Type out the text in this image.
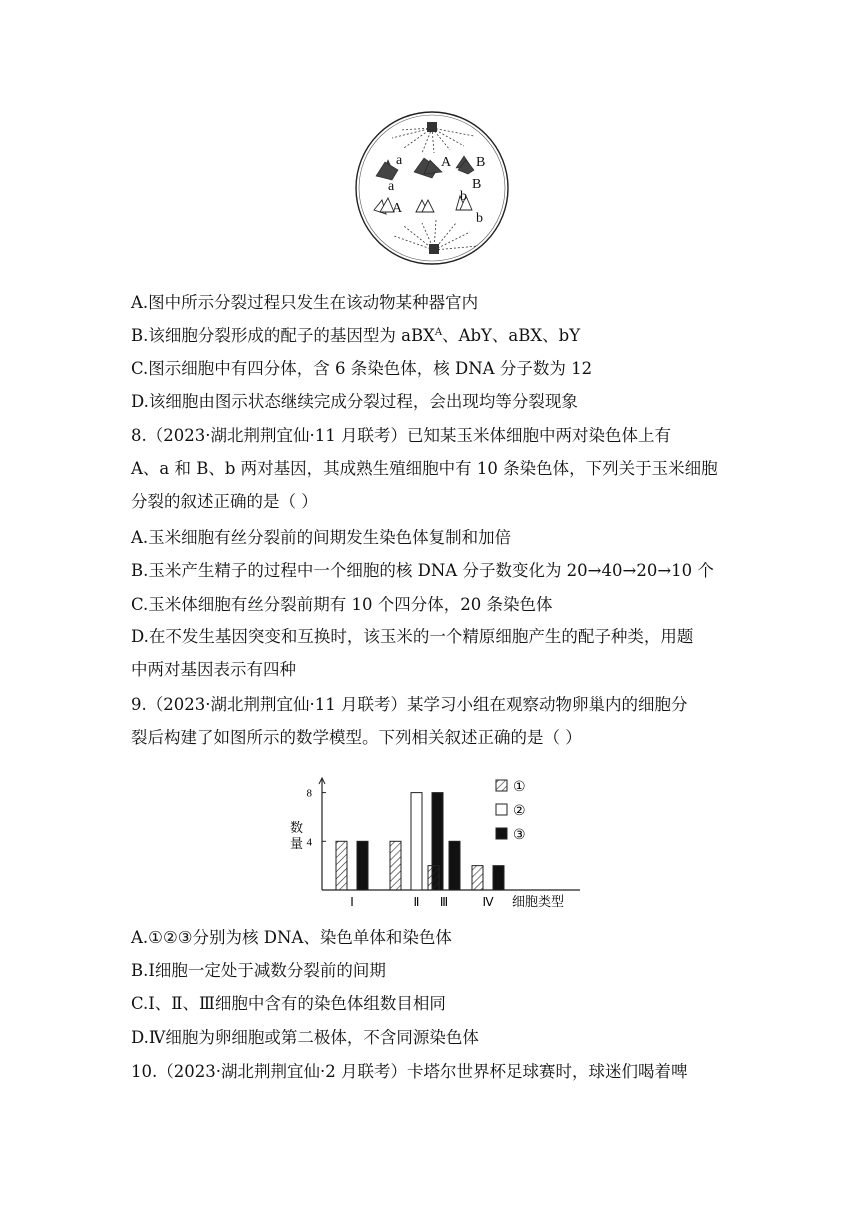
a	A B
a	B
A
b
b
A.图中所示分裂过程只发生在该动物某种器官内
B.该细胞分裂形成的配子的基因型为 aBX$^A$、AbY、aBX、bY
C.图示细胞中有四分体，含 6 条染色体，核 DNA 分子数为 12
D.该细胞由图示状态继续完成分裂过程，会出现均等分裂现象
8.（2023·湖北荆荆宜仙·11 月联考）已知某玉米体细胞中两对染色体上有
A、a 和 B、b 两对基因，其成熟生殖细胞中有 10 条染色体，下列关于玉米细胞
分裂的叙述正确的是（ ）
A.玉米细胞有丝分裂前的间期发生染色体复制和加倍
B.玉米产生精子的过程中一个细胞的核 DNA 分子数变化为 20→40→20→10 个
C.玉米体细胞有丝分裂前期有 10 个四分体，20 条染色体
D.在不发生基因突变和互换时，该玉米的一个精原细胞产生的配子种类，用题
中两对基因表示有四种
9.（2023·湖北荆荆宜仙·11 月联考）某学习小组在观察动物卵巢内的细胞分
裂后构建了如图所示的数学模型。下列相关叙述正确的是（ ）
4
8
数
量
细胞类型
Ⅰ	Ⅱ Ⅲ	Ⅳ
①
②
③
A.①②③分别为核 DNA、染色单体和染色体
B.Ⅰ细胞一定处于减数分裂前的间期
C.Ⅰ、Ⅱ、Ⅲ细胞中含有的染色体组数目相同
D.Ⅳ细胞为卵细胞或第二极体，不含同源染色体
10.（2023·湖北荆荆宜仙·2 月联考）卡塔尔世界杯足球赛时，球迷们喝着啤
